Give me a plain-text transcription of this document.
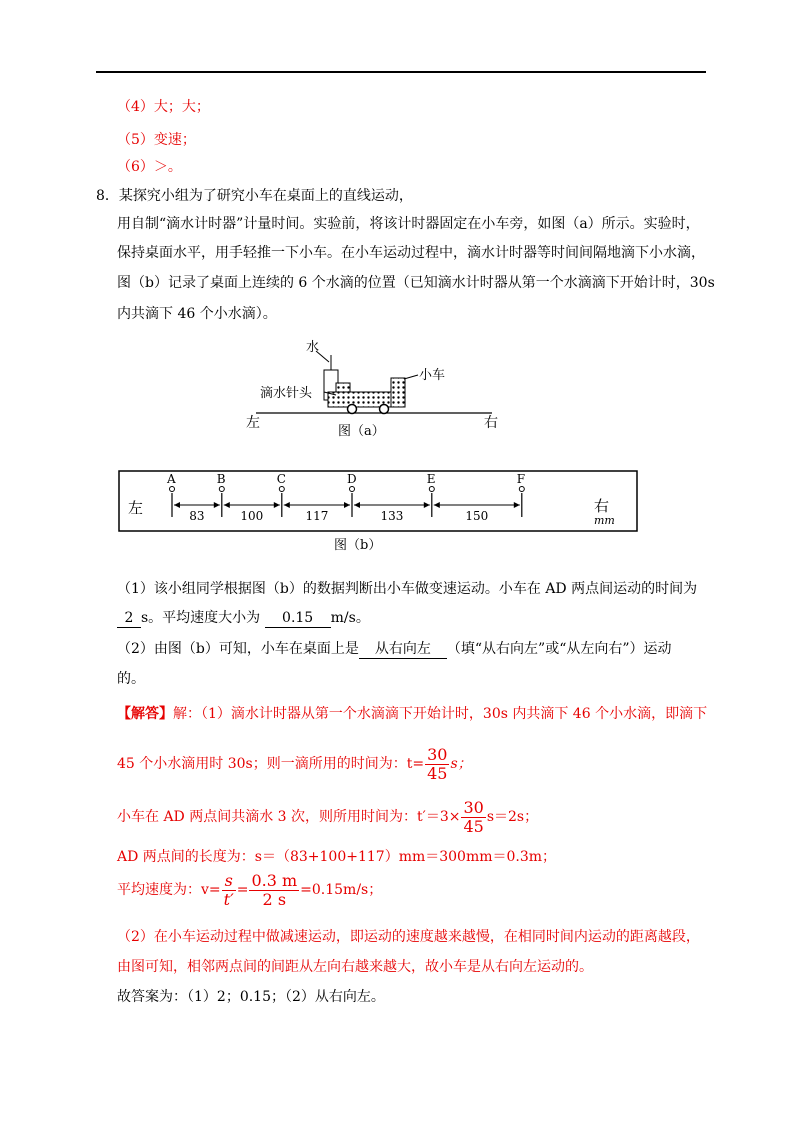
（4）大；大；
（5）变速；
（6）＞。
8．某探究小组为了研究小车在桌面上的直线运动，
用自制“滴水计时器”计量时间。实验前，将该计时器固定在小车旁，如图（a）所示。实验时，
保持桌面水平，用手轻推一下小车。在小车运动过程中，滴水计时器等时间间隔地滴下小水滴，
图（b）记录了桌面上连续的 6 个水滴的位置（已知滴水计时器从第一个水滴滴下开始计时，30s
内共滴下 46 个小水滴）。
水
滴水针头
小车
左	右
图（a）
左	右
mm
A	B	C	D	E	F
83	100	117	133	150
图（b）
（1）该小组同学根据图（b）的数据判断出小车做变速运动。小车在 AD 两点间运动的时间为
2 s。平均速度大小为 0.15 m/s。
（2）由图（b）可知，小车在桌面上是 从右向左 （填“从右向左”或“从左向右”）运动
的。
【解答】解：（1）滴水计时器从第一个水滴滴下开始计时，30s 内共滴下 46 个小水滴，即滴下
45 个小水滴用时 30s；则一滴所用的时间为：$t= \frac{30}{45}$ s；
小车在 AD 两点间共滴水 3 次，则所用时间为：$t'=3\times \frac{30}{45} s=2s$；
AD 两点间的长度为：s＝（83+100+117）mm＝300mm＝0.3m；
平均速度为：$v= \frac{s}{t'} = \frac{0.3 m}{2 s} =0.15m/s$；
（2）在小车运动过程中做减速运动，即运动的速度越来越慢，在相同时间内运动的距离越段，
由图可知，相邻两点间的间距从左向右越来越大，故小车是从右向左运动的。
故答案为：（1）2；0.15；（2）从右向左。
